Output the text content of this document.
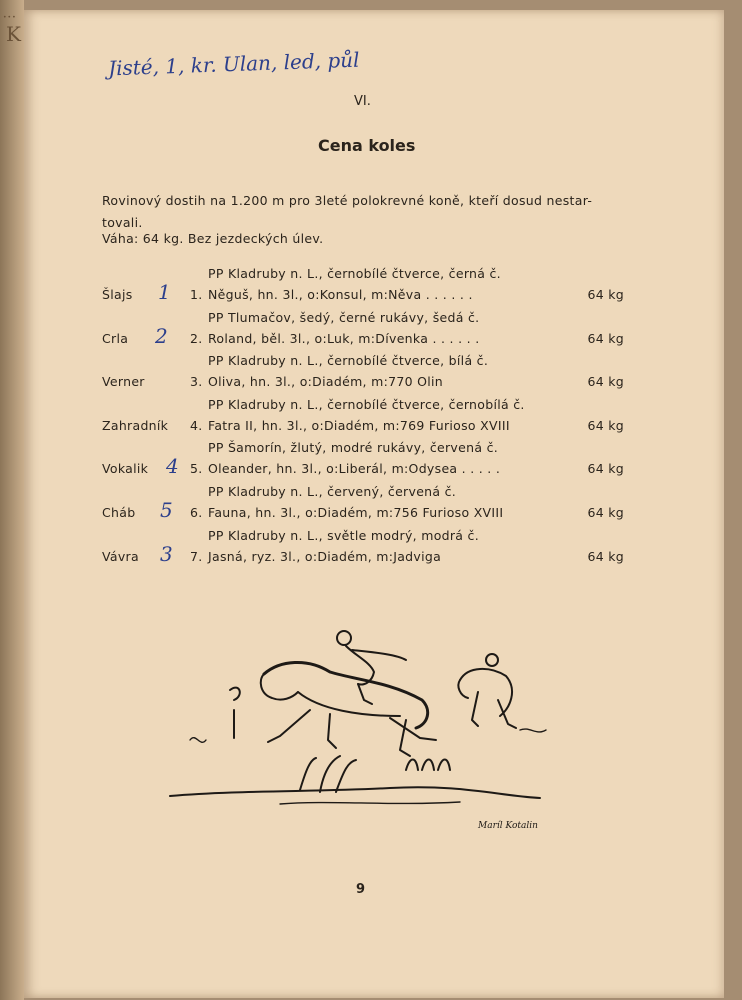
•••
K
Jisté, 1, kr. Ulan, led, půl
VI.
Cena koles

Rovinový dostih na 1.200 m pro 3leté polokrevné koně, kteří dosud nestar-

tovali.

Váha: 64 kg. Bez jezdeckých úlev.
PP Kladruby n. L., černobílé čtverce, černá č.
Šlajs 1 1. Něguš, hn. 3l., o:Konsul, m:Něva . . . . . .	64 kg
PP Tlumačov, šedý, černé rukávy, šedá č.
Crla 2 2. Roland, běl. 3l., o:Luk, m:Dívenka . . . . . .	64 kg
PP Kladruby n. L., černobílé čtverce, bílá č.
Verner	3. Oliva, hn. 3l., o:Diadém, m:770 Olin	64 kg
PP Kladruby n. L., černobílé čtverce, černobílá č.
Zahradník 4. Fatra II, hn. 3l., o:Diadém, m:769 Furioso XVIII	64 kg
PP Šamorín, žlutý, modré rukávy, červená č.
Vokalik 4 5. Oleander, hn. 3l., o:Liberál, m:Odysea . . . . .	64 kg
PP Kladruby n. L., červený, červená č.
Cháb 5 6. Fauna, hn. 3l., o:Diadém, m:756 Furioso XVIII	64 kg
PP Kladruby n. L., světle modrý, modrá č.
Vávra 3 7. Jasná, ryz. 3l., o:Diadém, m:Jadviga	64 kg
Maríl Kotalin
9
